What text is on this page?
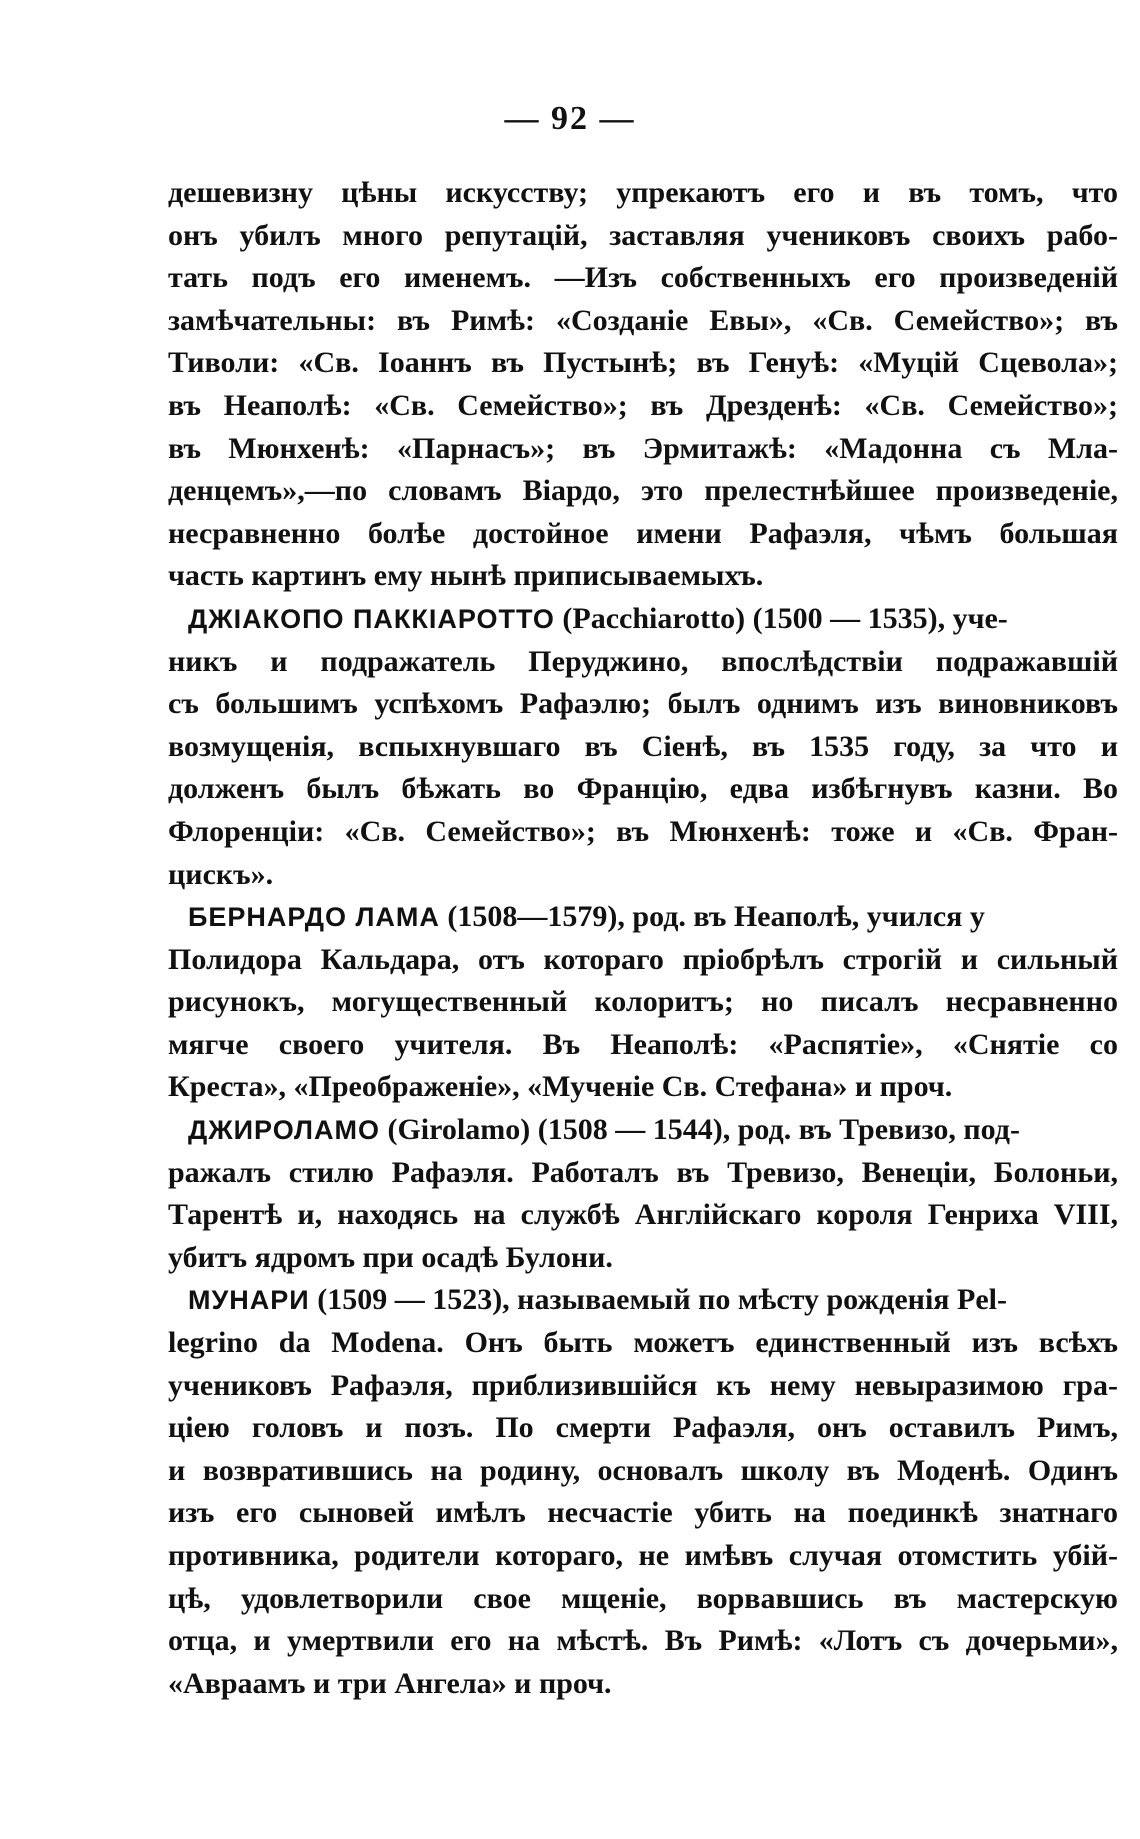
— 92 —
дешевизну цѣны искусству; упрекаютъ его и въ томъ, что
онъ убилъ много репутацій, заставляя учениковъ своихъ рабо-
тать подъ его именемъ. —Изъ собственныхъ его произведеній
замѣчательны: въ Римѣ: «Созданіе Евы», «Св. Семейство»; въ
Тиволи: «Св. Іоаннъ въ Пустынѣ; въ Генуѣ: «Муцій Сцевола»;
въ Неаполѣ: «Св. Семейство»; въ Дрезденѣ: «Св. Семейство»;
въ Мюнхенѣ: «Парнасъ»; въ Эрмитажѣ: «Мадонна съ Мла-
денцемъ»,—по словамъ Віардо, это прелестнѣйшее произведеніе,
несравненно болѣе достойное имени Рафаэля, чѣмъ большая
часть картинъ ему нынѣ приписываемыхъ.
ДЖІАКОПО ПАККІАРОТТО (Pacchiarotto) (1500 — 1535), уче-
никъ и подражатель Перуджино, впослѣдствіи подражавшій
съ большимъ успѣхомъ Рафаэлю; былъ однимъ изъ виновниковъ
возмущенія, вспыхнувшаго въ Сіенѣ, въ 1535 году, за что и
долженъ былъ бѣжать во Францію, едва избѣгнувъ казни. Во
Флоренціи: «Св. Семейство»; въ Мюнхенѣ: тоже и «Св. Фран-
цискъ».
БЕРНАРДО ЛАМА (1508—1579), род. въ Неаполѣ, учился у
Полидора Кальдара, отъ котораго пріобрѣлъ строгій и сильный
рисунокъ, могущественный колоритъ; но писалъ несравненно
мягче своего учителя. Въ Неаполѣ: «Распятіе», «Снятіе со
Креста», «Преображеніе», «Мученіе Св. Стефана» и проч.
ДЖИРОЛАМО (Girolamo) (1508 — 1544), род. въ Тревизо, под-
ражалъ стилю Рафаэля. Работалъ въ Тревизо, Венеціи, Болоньи,
Тарентѣ и, находясь на службѣ Англійскаго короля Генриха VIII,
убитъ ядромъ при осадѣ Булони.
МУНАРИ (1509 — 1523), называемый по мѣсту рожденія Pel-
legrino da Modena. Онъ быть можетъ единственный изъ всѣхъ
учениковъ Рафаэля, приблизившійся къ нему невыразимою гра-
ціею головъ и позъ. По смерти Рафаэля, онъ оставилъ Римъ,
и возвратившись на родину, основалъ школу въ Моденѣ. Одинъ
изъ его сыновей имѣлъ несчастіе убить на поединкѣ знатнаго
противника, родители котораго, не имѣвъ случая отомстить убій-
цѣ, удовлетворили свое мщеніе, ворвавшись въ мастерскую
отца, и умертвили его на мѣстѣ. Въ Римѣ: «Лотъ съ дочерьми»,
«Авраамъ и три Ангела» и проч.
